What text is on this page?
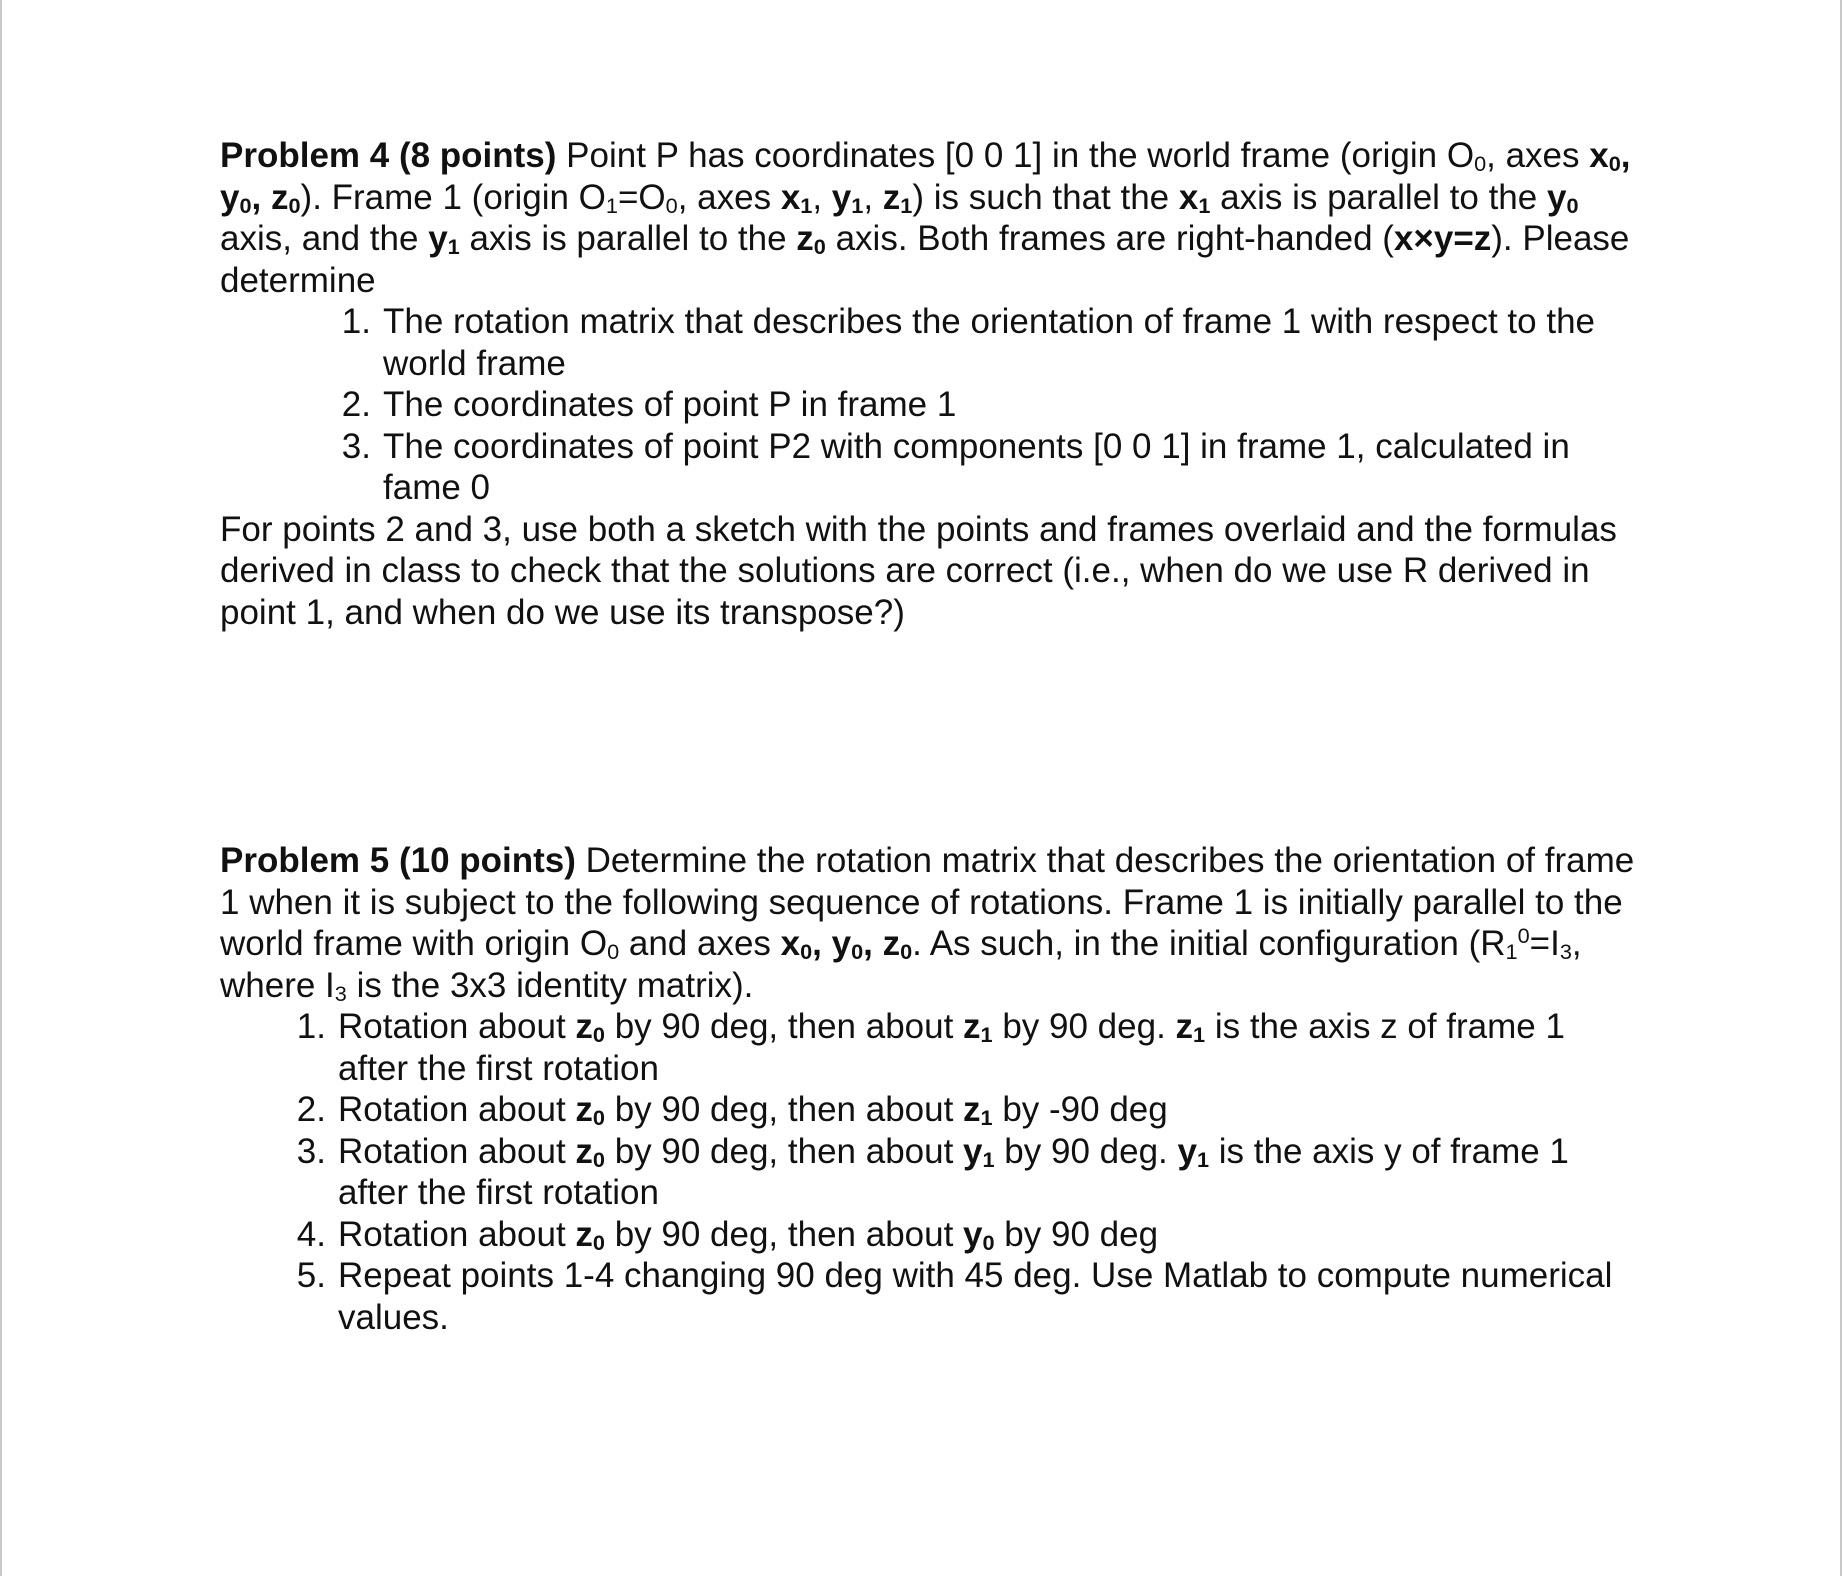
Problem 4 (8 points) Point P has coordinates [0 0 1] in the world frame (origin $O_0$, axes $x_0$, $y_0$, $z_0$). Frame 1 (origin $O_1=O_0$, axes $x_1$, $y_1$, $z_1$) is such that the $x_1$ axis is parallel to the $y_0$ axis, and the $y_1$ axis is parallel to the $z_0$ axis. Both frames are right-handed (x×y=z). Please determine

1. The rotation matrix that describes the orientation of frame 1 with respect to the world frame
2. The coordinates of point P in frame 1
3. The coordinates of point P2 with components [0 0 1] in frame 1, calculated in fame 0

For points 2 and 3, use both a sketch with the points and frames overlaid and the formulas derived in class to check that the solutions are correct (i.e., when do we use R derived in point 1, and when do we use its transpose?)

Problem 5 (10 points) Determine the rotation matrix that describes the orientation of frame 1 when it is subject to the following sequence of rotations. Frame 1 is initially parallel to the world frame with origin $O_0$ and axes $x_0$, $y_0$, $z_0$. As such, in the initial configuration ($R_1^0=I_3$, where $I_3$ is the 3x3 identity matrix).

1. Rotation about $z_0$ by 90 deg, then about $z_1$ by 90 deg. $z_1$ is the axis z of frame 1 after the first rotation
2. Rotation about $z_0$ by 90 deg, then about $z_1$ by -90 deg
3. Rotation about $z_0$ by 90 deg, then about $y_1$ by 90 deg. $y_1$ is the axis y of frame 1 after the first rotation
4. Rotation about $z_0$ by 90 deg, then about $y_0$ by 90 deg
5. Repeat points 1-4 changing 90 deg with 45 deg. Use Matlab to compute numerical values.
